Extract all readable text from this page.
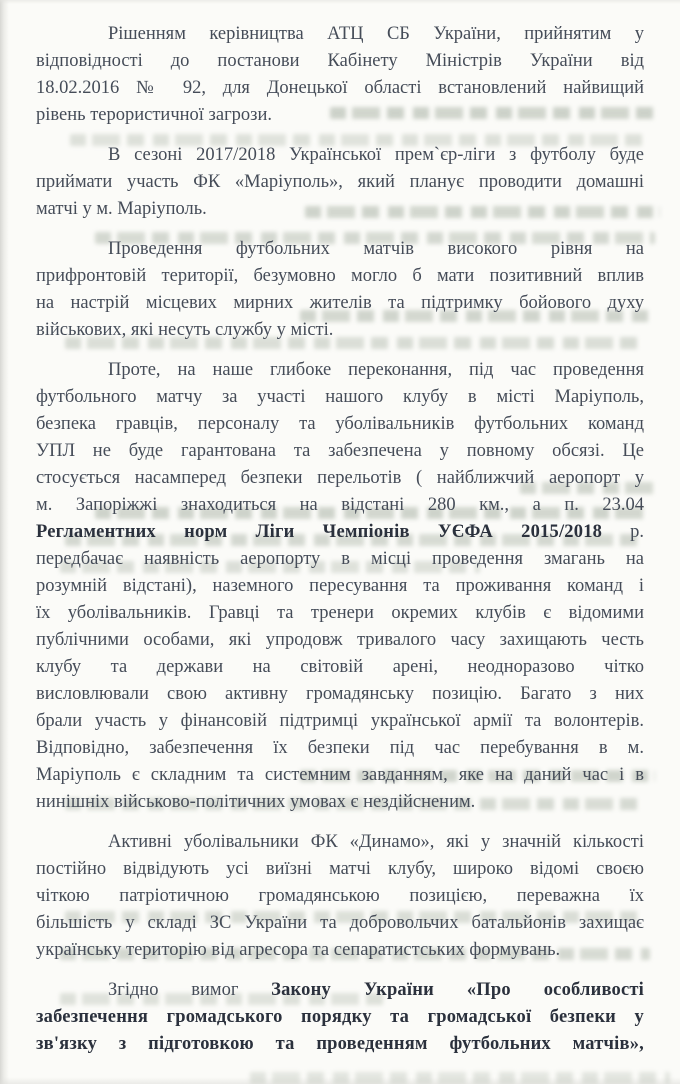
Рішенням керівництва АТЦ СБ України, прийнятим у
відповідності до постанови Кабінету Міністрів України від
18.02.2016 № 92, для Донецької області встановлений найвищий
рівень терористичної загрози.
В сезоні 2017/2018 Української прем`єр-ліги з футболу буде
приймати участь ФК «Маріуполь», який планує проводити домашні
матчі у м. Маріуполь.
Проведення футбольних матчів високого рівня на
прифронтовій території, безумовно могло б мати позитивний вплив
на настрій місцевих мирних жителів та підтримку бойового духу
військових, які несуть службу у місті.
Проте, на наше глибоке переконання, під час проведення
футбольного матчу за участі нашого клубу в місті Маріуполь,
безпека гравців, персоналу та уболівальників футбольних команд
УПЛ не буде гарантована та забезпечена у повному обсязі. Це
стосується насамперед безпеки перельотів ( найближчий аеропорт у
м. Запоріжжі знаходиться на відстані 280 км., а п. 23.04
Регламентних норм Ліги Чемпіонів УЄФА 2015/2018 р.
передбачає наявність аеропорту в місці проведення змагань на
розумній відстані), наземного пересування та проживання команд і
їх уболівальників. Гравці та тренери окремих клубів є відомими
публічними особами, які упродовж тривалого часу захищають честь
клубу та держави на світовій арені, неодноразово чітко
висловлювали свою активну громадянську позицію. Багато з них
брали участь у фінансовій підтримці української армії та волонтерів.
Відповідно, забезпечення їх безпеки під час перебування в м.
Маріуполь є складним та системним завданням, яке на даний час і в
нинішніх військово-політичних умовах є нездійсненим.
Активні уболівальники ФК «Динамо», які у значній кількості
постійно відвідують усі виїзні матчі клубу, широко відомі своєю
чіткою патріотичною громадянською позицією, переважна їх
більшість у складі ЗС України та добровольчих батальйонів захищає
українську територію від агресора та сепаратистських формувань.
Згідно вимог Закону України «Про особливості
забезпечення громадського порядку та громадської безпеки у
зв'язку з підготовкою та проведенням футбольних матчів»,
